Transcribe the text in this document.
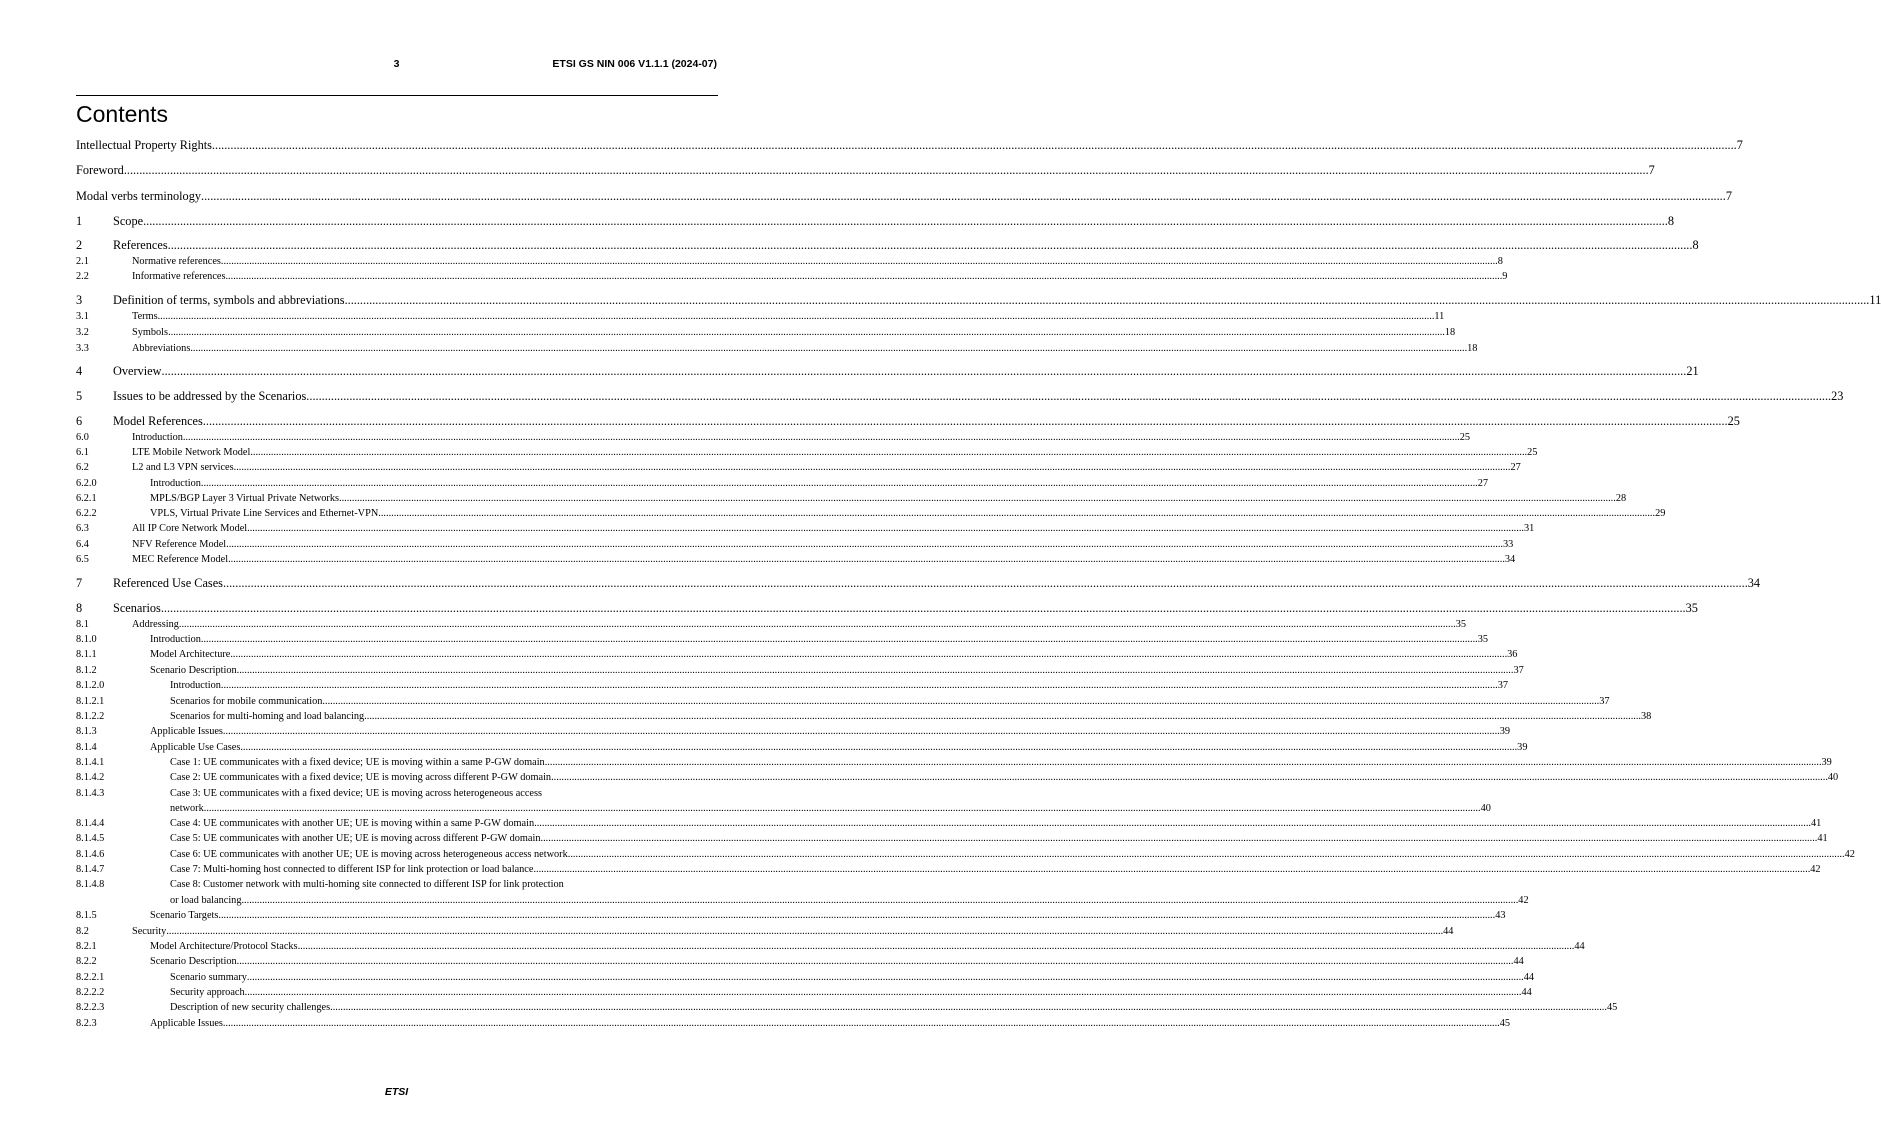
3	ETSI GS NIN 006 V1.1.1 (2024-07)
Contents
Intellectual Property Rights .....	7
Foreword .....	7
Modal verbs terminology .....	7
1	Scope .....	8
2	References .....	8
2.1	Normative references .....	8
2.2	Informative references .....	9
3	Definition of terms, symbols and abbreviations .....	11
3.1	Terms .....	11
3.2	Symbols .....	18
3.3	Abbreviations .....	18
4	Overview .....	21
5	Issues to be addressed by the Scenarios .....	23
6	Model References .....	25
6.0	Introduction .....	25
6.1	LTE Mobile Network Model .....	25
6.2	L2 and L3 VPN services .....	27
6.2.0	Introduction .....	27
6.2.1	MPLS/BGP Layer 3 Virtual Private Networks .....	28
6.2.2	VPLS, Virtual Private Line Services and Ethernet-VPN .....	29
6.3	All IP Core Network Model .....	31
6.4	NFV Reference Model .....	33
6.5	MEC Reference Model .....	34
7	Referenced Use Cases .....	34
8	Scenarios .....	35
8.1	Addressing .....	35
8.1.0	Introduction .....	35
8.1.1	Model Architecture .....	36
8.1.2	Scenario Description .....	37
8.1.2.0	Introduction .....	37
8.1.2.1	Scenarios for mobile communication .....	37
8.1.2.2	Scenarios for multi-homing and load balancing .....	38
8.1.3	Applicable Issues .....	39
8.1.4	Applicable Use Cases .....	39
8.1.4.1	Case 1: UE communicates with a fixed device; UE is moving within a same P-GW domain .....	39
8.1.4.2	Case 2: UE communicates with a fixed device; UE is moving across different P-GW domain .....	40
8.1.4.3	Case 3: UE communicates with a fixed device; UE is moving across heterogeneous access
network .....	40
8.1.4.4	Case 4: UE communicates with another UE; UE is moving within a same P-GW domain .....	41
8.1.4.5	Case 5: UE communicates with another UE; UE is moving across different P-GW domain .....	41
8.1.4.6	Case 6: UE communicates with another UE; UE is moving across heterogeneous access network .....	42
8.1.4.7	Case 7: Multi-homing host connected to different ISP for link protection or load balance .....	42
8.1.4.8	Case 8: Customer network with multi-homing site connected to different ISP for link protection
or load balancing .....	42
8.1.5	Scenario Targets .....	43
8.2	Security .....	44
8.2.1	Model Architecture/Protocol Stacks .....	44
8.2.2	Scenario Description .....	44
8.2.2.1	Scenario summary .....	44
8.2.2.2	Security approach .....	44
8.2.2.3	Description of new security challenges .....	45
8.2.3	Applicable Issues .....	45
ETSI
